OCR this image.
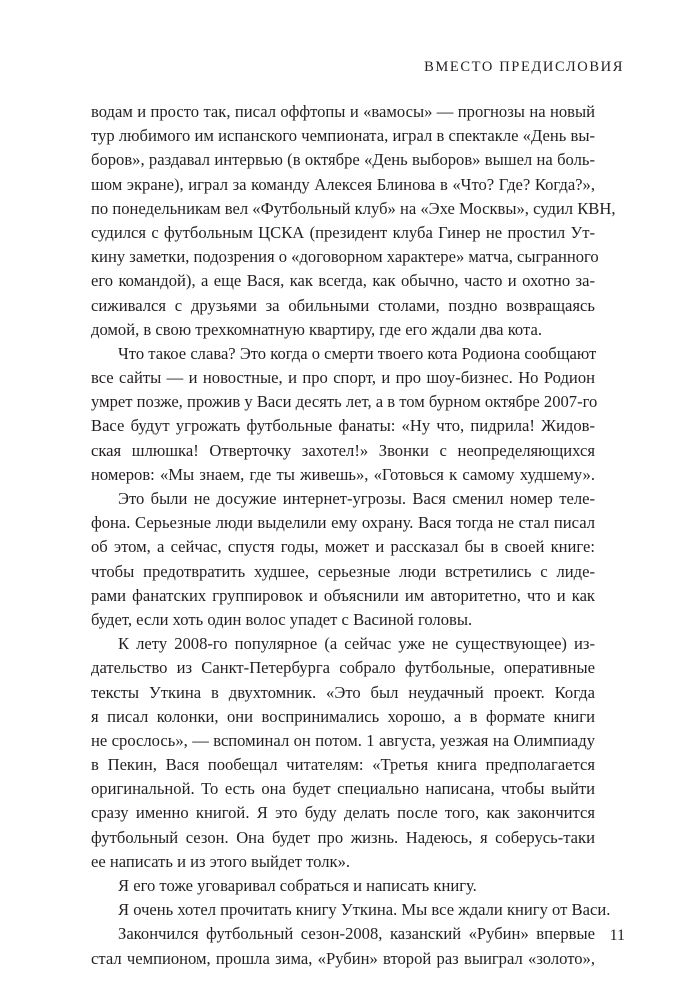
ВМЕСТО ПРЕДИСЛОВИЯ
водам и просто так, писал оффтопы и «вамосы» — прогнозы на новый
тур любимого им испанского чемпионата, играл в спектакле «День вы-
боров», раздавал интервью (в октябре «День выборов» вышел на боль-
шом экране), играл за команду Алексея Блинова в «Что? Где? Когда?»,
по понедельникам вел «Футбольный клуб» на «Эхе Москвы», судил КВН,
судился с футбольным ЦСКА (президент клуба Гинер не простил Ут-
кину заметки, подозрения о «договорном характере» матча, сыгранного
его командой), а еще Вася, как всегда, как обычно, часто и охотно за-
сиживался с друзьями за обильными столами, поздно возвращаясь
домой, в свою трехкомнатную квартиру, где его ждали два кота.
Что такое слава? Это когда о смерти твоего кота Родиона сообщают
все сайты — и новостные, и про спорт, и про шоу-бизнес. Но Родион
умрет позже, прожив у Васи десять лет, а в том бурном октябре 2007-го
Васе будут угрожать футбольные фанаты: «Ну что, пидрила! Жидов-
ская шлюшка! Отверточку захотел!» Звонки с неопределяющихся
номеров: «Мы знаем, где ты живешь», «Готовься к самому худшему».
Это были не досужие интернет-угрозы. Вася сменил номер теле-
фона. Серьезные люди выделили ему охрану. Вася тогда не стал писал
об этом, а сейчас, спустя годы, может и рассказал бы в своей книге:
чтобы предотвратить худшее, серьезные люди встретились с лиде-
рами фанатских группировок и объяснили им авторитетно, что и как
будет, если хоть один волос упадет с Васиной головы.
К лету 2008-го популярное (а сейчас уже не существующее) из-
дательство из Санкт-Петербурга собрало футбольные, оперативные
тексты Уткина в двухтомник. «Это был неудачный проект. Когда
я писал колонки, они воспринимались хорошо, а в формате книги
не срослось», — вспоминал он потом. 1 августа, уезжая на Олимпиаду
в Пекин, Вася пообещал читателям: «Третья книга предполагается
оригинальной. То есть она будет специально написана, чтобы выйти
сразу именно книгой. Я это буду делать после того, как закончится
футбольный сезон. Она будет про жизнь. Надеюсь, я соберусь-таки
ее написать и из этого выйдет толк».
Я его тоже уговаривал собраться и написать книгу.
Я очень хотел прочитать книгу Уткина. Мы все ждали книгу от Васи.
Закончился футбольный сезон-2008, казанский «Рубин» впервые
стал чемпионом, прошла зима, «Рубин» второй раз выиграл «золото»,
11
